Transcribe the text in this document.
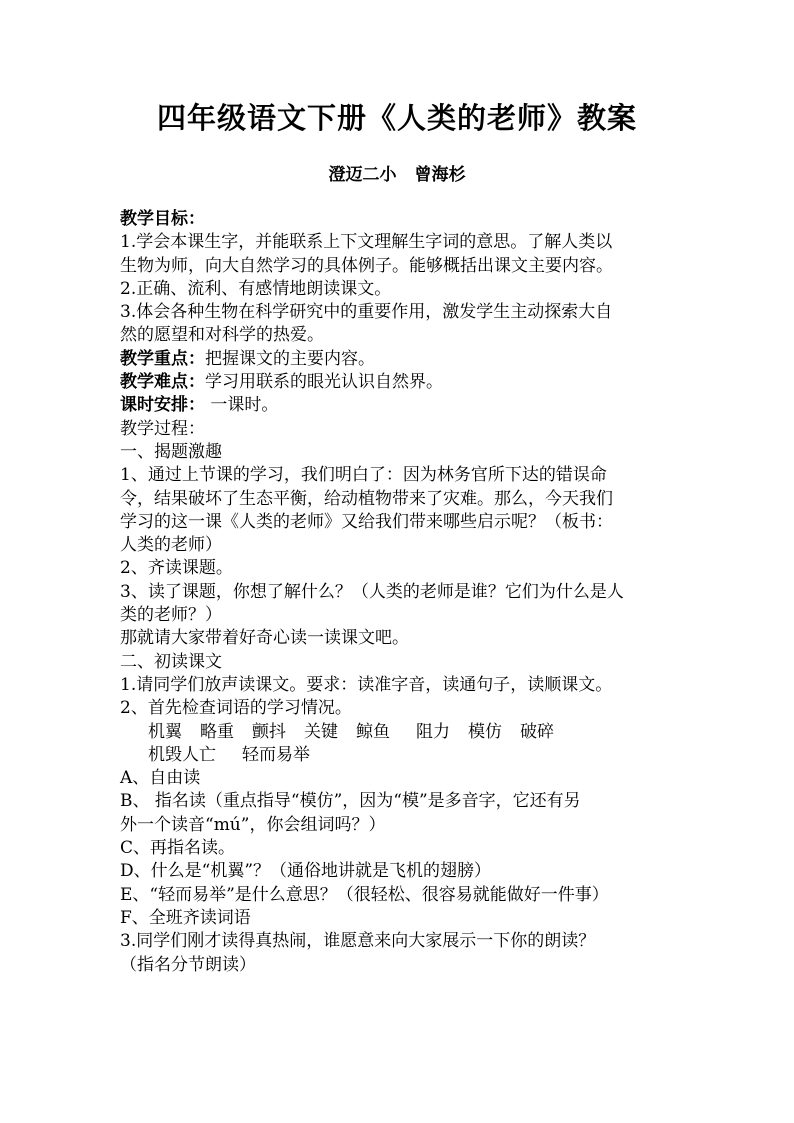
四年级语文下册《人类的老师》教案
澄迈二小 曾海杉
教学目标：
1.学会本课生字，并能联系上下文理解生字词的意思。了解人类以
生物为师，向大自然学习的具体例子。能够概括出课文主要内容。
2.正确、流利、有感情地朗读课文。
3.体会各种生物在科学研究中的重要作用，激发学生主动探索大自
然的愿望和对科学的热爱。
教学重点：把握课文的主要内容。
教学难点：学习用联系的眼光认识自然界。
课时安排： 一课时。
教学过程：
一、揭题激趣
1、通过上节课的学习，我们明白了：因为林务官所下达的错误命
令，结果破坏了生态平衡，给动植物带来了灾难。那么，今天我们
学习的这一课《人类的老师》又给我们带来哪些启示呢？（板书：
人类的老师）
2、齐读课题。
3、读了课题，你想了解什么？（人类的老师是谁？它们为什么是人
类的老师？）
那就请大家带着好奇心读一读课文吧。
二、初读课文
1.请同学们放声读课文。要求：读准字音，读通句子，读顺课文。
2、首先检查词语的学习情况。
机翼 略重 颤抖 关键 鲸鱼 阻力 模仿 破碎
机毁人亡 轻而易举
A、自由读
B、 指名读（重点指导“模仿”，因为“模”是多音字，它还有另
外一个读音“mú”，你会组词吗？）
C、再指名读。
D、什么是“机翼”？（通俗地讲就是飞机的翅膀）
E、“轻而易举”是什么意思？（很轻松、很容易就能做好一件事）
F、全班齐读词语
3.同学们刚才读得真热闹，谁愿意来向大家展示一下你的朗读？
（指名分节朗读）
